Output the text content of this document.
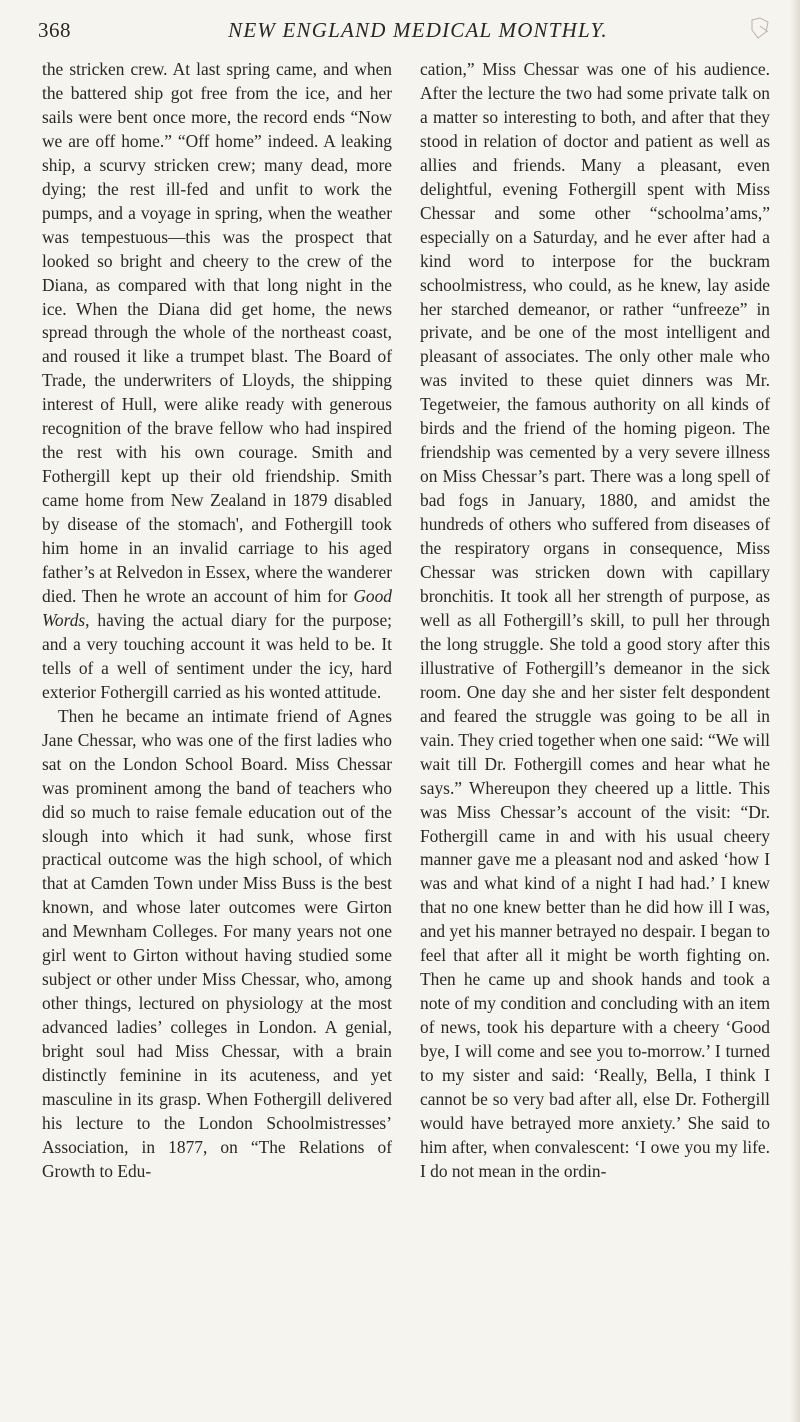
368	NEW ENGLAND MEDICAL MONTHLY.

the stricken crew. At last spring came, and when the battered ship got free from the ice, and her sails were bent once more, the record ends “Now we are off home.” “Off home” indeed. A leaking ship, a scurvy stricken crew; many dead, more dying; the rest ill-fed and unfit to work the pumps, and a voyage in spring, when the weather was tempestuous—this was the prospect that looked so bright and cheery to the crew of the Diana, as compared with that long night in the ice. When the Diana did get home, the news spread through the whole of the northeast coast, and roused it like a trumpet blast. The Board of Trade, the underwriters of Lloyds, the shipping interest of Hull, were alike ready with generous recognition of the brave fellow who had inspired the rest with his own courage. Smith and Fothergill kept up their old friendship. Smith came home from New Zealand in 1879 disabled by disease of the stomach', and Fothergill took him home in an invalid carriage to his aged father’s at Relvedon in Essex, where the wanderer died. Then he wrote an account of him for Good Words, having the actual diary for the purpose; and a very touching account it was held to be. It tells of a well of sentiment under the icy, hard exterior Fothergill carried as his wonted attitude.

Then he became an intimate friend of Agnes Jane Chessar, who was one of the first ladies who sat on the London School Board. Miss Chessar was prominent among the band of teachers who did so much to raise female education out of the slough into which it had sunk, whose first practical outcome was the high school, of which that at Camden Town under Miss Buss is the best known, and whose later outcomes were Girton and Mewnham Colleges. For many years not one girl went to Girton without having studied some subject or other under Miss Chessar, who, among other things, lectured on physiology at the most advanced ladies’ colleges in London. A genial, bright soul had Miss Chessar, with a brain distinctly feminine in its acuteness, and yet masculine in its grasp. When Fothergill delivered his lecture to the London Schoolmistresses’ Association, in 1877, on “The Relations of Growth to Edu-

cation,” Miss Chessar was one of his audience. After the lecture the two had some private talk on a matter so interesting to both, and after that they stood in relation of doctor and patient as well as allies and friends. Many a pleasant, even delightful, evening Fothergill spent with Miss Chessar and some other “schoolma’ams,” especially on a Saturday, and he ever after had a kind word to interpose for the buckram schoolmistress, who could, as he knew, lay aside her starched demeanor, or rather “unfreeze” in private, and be one of the most intelligent and pleasant of associates. The only other male who was invited to these quiet dinners was Mr. Tegetweier, the famous authority on all kinds of birds and the friend of the homing pigeon. The friendship was cemented by a very severe illness on Miss Chessar’s part. There was a long spell of bad fogs in January, 1880, and amidst the hundreds of others who suffered from diseases of the respiratory organs in consequence, Miss Chessar was stricken down with capillary bronchitis. It took all her strength of purpose, as well as all Fothergill’s skill, to pull her through the long struggle. She told a good story after this illustrative of Fothergill’s demeanor in the sick room. One day she and her sister felt despondent and feared the struggle was going to be all in vain. They cried together when one said: “We will wait till Dr. Fothergill comes and hear what he says.” Whereupon they cheered up a little. This was Miss Chessar’s account of the visit: “Dr. Fothergill came in and with his usual cheery manner gave me a pleasant nod and asked ‘how I was and what kind of a night I had had.’ I knew that no one knew better than he did how ill I was, and yet his manner betrayed no despair. I began to feel that after all it might be worth fighting on. Then he came up and shook hands and took a note of my condition and concluding with an item of news, took his departure with a cheery ‘Good bye, I will come and see you to-morrow.’ I turned to my sister and said: ‘Really, Bella, I think I cannot be so very bad after all, else Dr. Fothergill would have betrayed more anxiety.’ She said to him after, when convalescent: ‘I owe you my life. I do not mean in the ordin-
